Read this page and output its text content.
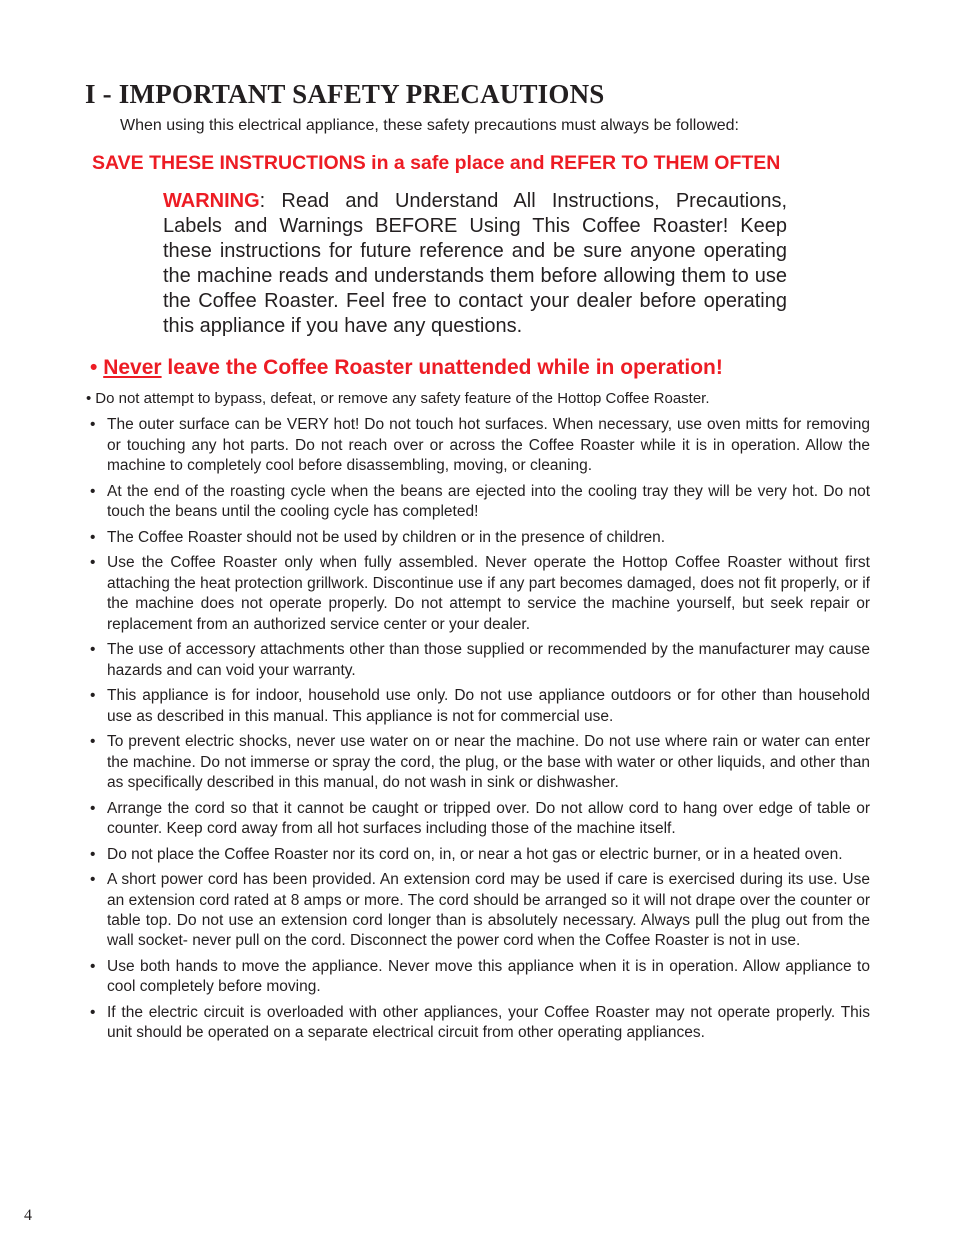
I - IMPORTANT SAFETY PRECAUTIONS
When using this electrical appliance, these safety precautions must always be followed:
SAVE THESE INSTRUCTIONS in a safe place and REFER TO THEM OFTEN
WARNING: Read and Understand All Instructions, Precautions, Labels and Warnings BEFORE Using This Coffee Roaster! Keep these instructions for future reference and be sure anyone operating the machine reads and understands them before allowing them to use the Coffee Roaster. Feel free to contact your dealer before operating this appliance if you have any questions.
• Never leave the Coffee Roaster unattended while in operation!
• Do not attempt to bypass, defeat, or remove any safety feature of the Hottop Coffee Roaster.
• The outer surface can be VERY hot! Do not touch hot surfaces. When necessary, use oven mitts for removing or touching any hot parts. Do not reach over or across the Coffee Roaster while it is in operation. Allow the machine to completely cool before disassembling, moving, or cleaning.
• At the end of the roasting cycle when the beans are ejected into the cooling tray they will be very hot. Do not touch the beans until the cooling cycle has completed!
• The Coffee Roaster should not be used by children or in the presence of children.
• Use the Coffee Roaster only when fully assembled. Never operate the Hottop Coffee Roaster without first attaching the heat protection grillwork. Discontinue use if any part becomes damaged, does not fit properly, or if the machine does not operate properly. Do not attempt to service the machine yourself, but seek repair or replacement from an authorized service center or your dealer.
• The use of accessory attachments other than those supplied or recommended by the manufacturer may cause hazards and can void your warranty.
• This appliance is for indoor, household use only. Do not use appliance outdoors or for other than household use as described in this manual. This appliance is not for commercial use.
• To prevent electric shocks, never use water on or near the machine. Do not use where rain or water can enter the machine. Do not immerse or spray the cord, the plug, or the base with water or other liquids, and other than as specifically described in this manual, do not wash in sink or dishwasher.
• Arrange the cord so that it cannot be caught or tripped over. Do not allow cord to hang over edge of table or counter. Keep cord away from all hot surfaces including those of the machine itself.
• Do not place the Coffee Roaster nor its cord on, in, or near a hot gas or electric burner, or in a heated oven.
• A short power cord has been provided. An extension cord may be used if care is exercised during its use. Use an extension cord rated at 8 amps or more. The cord should be arranged so it will not drape over the counter or table top. Do not use an extension cord longer than is absolutely necessary. Always pull the plug out from the wall socket- never pull on the cord. Disconnect the power cord when the Coffee Roaster is not in use.
• Use both hands to move the appliance. Never move this appliance when it is in operation. Allow appliance to cool completely before moving.
• If the electric circuit is overloaded with other appliances, your Coffee Roaster may not operate properly. This unit should be operated on a separate electrical circuit from other operating appliances.
4
